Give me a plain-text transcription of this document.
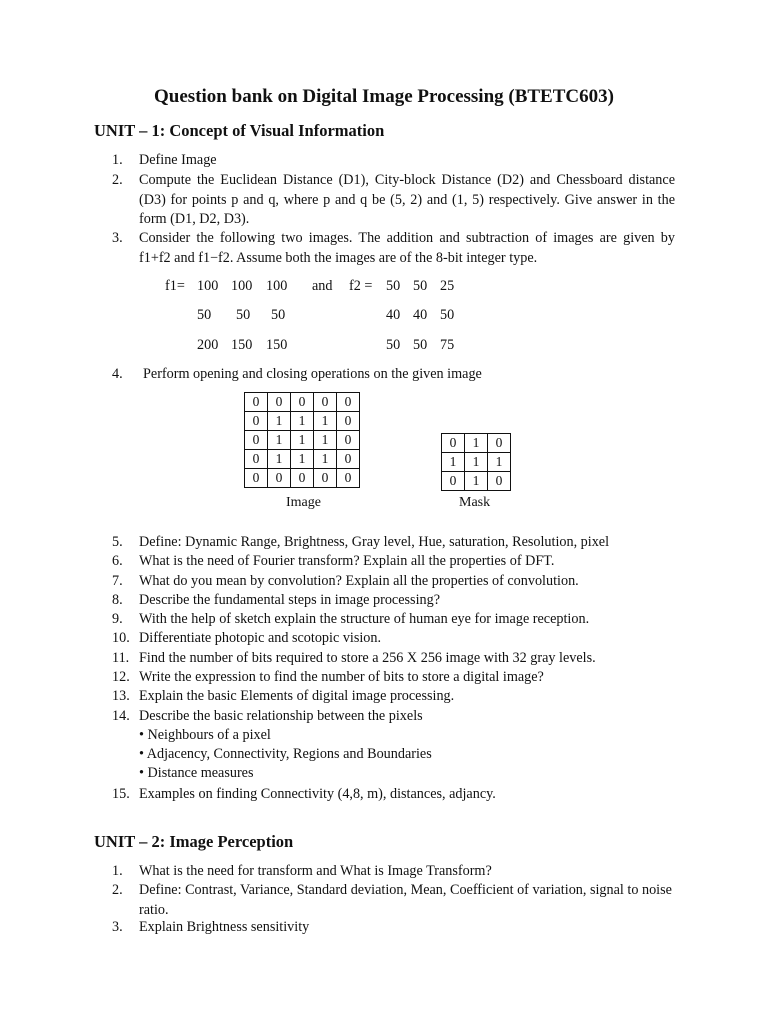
Question bank on Digital Image Processing (BTETC603)
UNIT – 1: Concept of Visual Information
1. Define Image
2. Compute the Euclidean Distance (D1), City-block Distance (D2) and Chessboard distance (D3) for points p and q, where p and q be (5, 2) and (1, 5) respectively. Give answer in the form (D1, D2, D3).
3. Consider the following two images. The addition and subtraction of images are given by f1+f2 and f1−f2. Assume both the images are of the 8-bit integer type.
f1= 100 100 100 and f2 = 50 50 25
50 50 50	40 40 50
200 150 150	50 50 75
4. Perform opening and closing operations on the given image
0	0	0	0	0
0	1	1	1	0
0	1	1	1	0
0	1	1	1	0
0	0	0	0	0
Image
0	1	0
1	1	1
0	1	0
Mask
5. Define: Dynamic Range, Brightness, Gray level, Hue, saturation, Resolution, pixel
6. What is the need of Fourier transform? Explain all the properties of DFT.
7. What do you mean by convolution? Explain all the properties of convolution.
8. Describe the fundamental steps in image processing?
9. With the help of sketch explain the structure of human eye for image reception.
10. Differentiate photopic and scotopic vision.
11. Find the number of bits required to store a 256 X 256 image with 32 gray levels.
12. Write the expression to find the number of bits to store a digital image?
13. Explain the basic Elements of digital image processing.
14. Describe the basic relationship between the pixels
• Neighbours of a pixel
• Adjacency, Connectivity, Regions and Boundaries
• Distance measures
15. Examples on finding Connectivity (4,8, m), distances, adjancy.
UNIT – 2: Image Perception
1. What is the need for transform and What is Image Transform?
2. Define: Contrast, Variance, Standard deviation, Mean, Coefficient of variation, signal to noise ratio.
3. Explain Brightness sensitivity
